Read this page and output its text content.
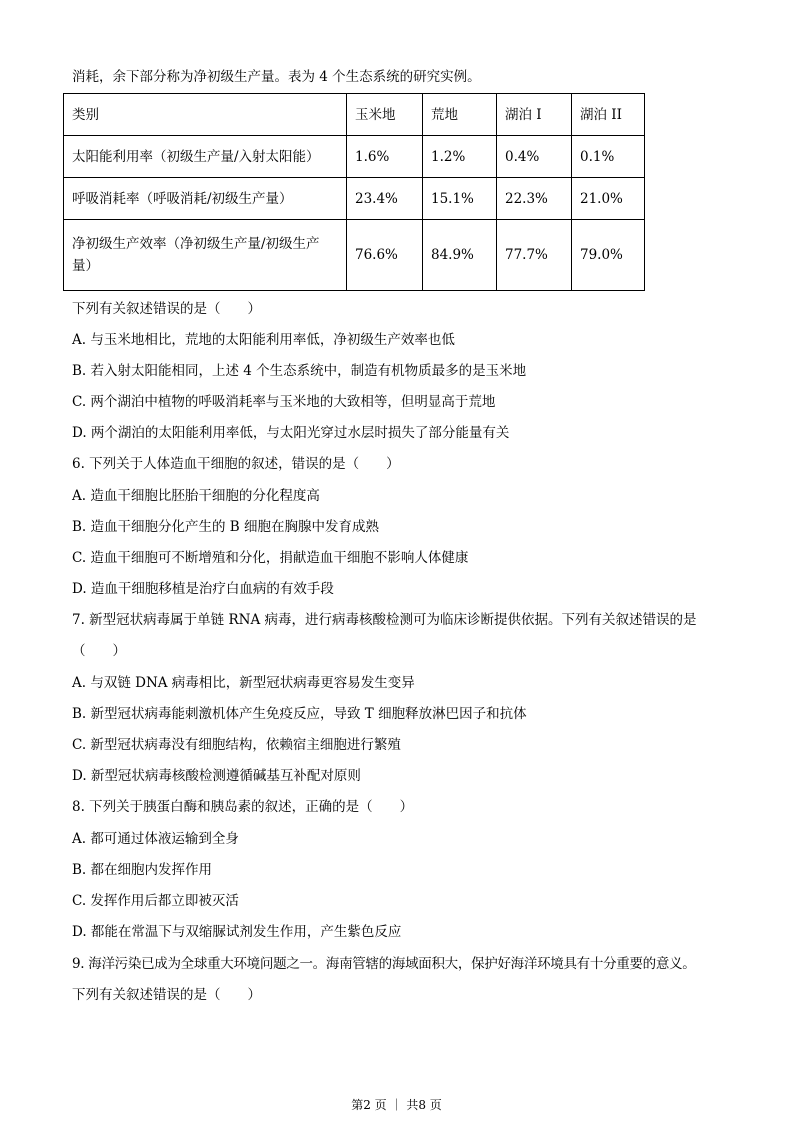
消耗，余下部分称为净初级生产量。表为 4 个生态系统的研究实例。
类别	玉米地	荒地	湖泊 I	湖泊 II
太阳能利用率（初级生产量/入射太阳能）	1.6%	1.2%	0.4%	0.1%
呼吸消耗率（呼吸消耗/初级生产量）	23.4%	15.1%	22.3%	21.0%
净初级生产效率（净初级生产量/初级生产量）	76.6%	84.9%	77.7%	79.0%
下列有关叙述错误的是（　　）
A. 与玉米地相比，荒地的太阳能利用率低，净初级生产效率也低
B. 若入射太阳能相同，上述 4 个生态系统中，制造有机物质最多的是玉米地
C. 两个湖泊中植物的呼吸消耗率与玉米地的大致相等，但明显高于荒地
D. 两个湖泊的太阳能利用率低，与太阳光穿过水层时损失了部分能量有关
6. 下列关于人体造血干细胞的叙述，错误的是（　　）
A. 造血干细胞比胚胎干细胞的分化程度高
B. 造血干细胞分化产生的 B 细胞在胸腺中发育成熟
C. 造血干细胞可不断增殖和分化，捐献造血干细胞不影响人体健康
D. 造血干细胞移植是治疗白血病的有效手段
7. 新型冠状病毒属于单链 RNA 病毒，进行病毒核酸检测可为临床诊断提供依据。下列有关叙述错误的是
（　　）
A. 与双链 DNA 病毒相比，新型冠状病毒更容易发生变异
B. 新型冠状病毒能刺激机体产生免疫反应，导致 T 细胞释放淋巴因子和抗体
C. 新型冠状病毒没有细胞结构，依赖宿主细胞进行繁殖
D. 新型冠状病毒核酸检测遵循碱基互补配对原则
8. 下列关于胰蛋白酶和胰岛素的叙述，正确的是（　　）
A. 都可通过体液运输到全身
B. 都在细胞内发挥作用
C. 发挥作用后都立即被灭活
D. 都能在常温下与双缩脲试剂发生作用，产生紫色反应
9. 海洋污染已成为全球重大环境问题之一。海南管辖的海域面积大，保护好海洋环境具有十分重要的意义。
下列有关叙述错误的是（　　）
第2 页 ｜ 共8 页
